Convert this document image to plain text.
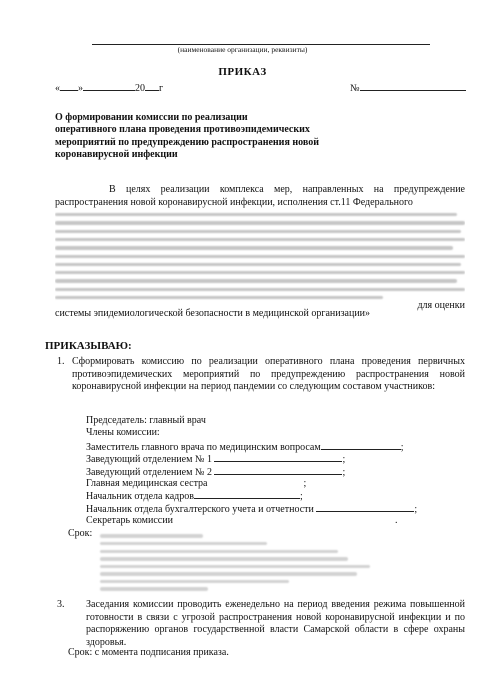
(наименование организации, реквизиты)
ПРИКАЗ
« »	20 г	№
О формировании комиссии по реализации
оперативного плана проведения противоэпидемических
мероприятий по предупреждению распространения новой
коронавирусной инфекции
В целях реализации комплекса мер, направленных на предупреждение распространения новой коронавирусной инфекции, исполнения ст.11 Федерального
для оценки
системы эпидемиологической безопасности в медицинской организации»
ПРИКАЗЫВАЮ:
1. Сформировать комиссию по реализации оперативного плана проведения первичных противоэпидемических мероприятий по предупреждению распространения новой коронавирусной инфекции на период пандемии со следующим составом участников:
Председатель: главный врач
Члены комиссии:
Заместитель главного врача по медицинским вопросам	;
Заведующий отделением № 1	;
Заведующий отделением № 2	;
Главная медицинская сестра	;
Начальник отдела кадров	;
Начальник отдела бухгалтерского учета и отчетности	;
Секретарь комиссии	.
Срок:
3. Заседания комиссии проводить еженедельно на период введения режима повышенной готовности в связи с угрозой распространения новой коронавирусной инфекции и по распоряжению органов государственной власти Самарской области в сфере охраны здоровья.
Срок: с момента подписания приказа.
